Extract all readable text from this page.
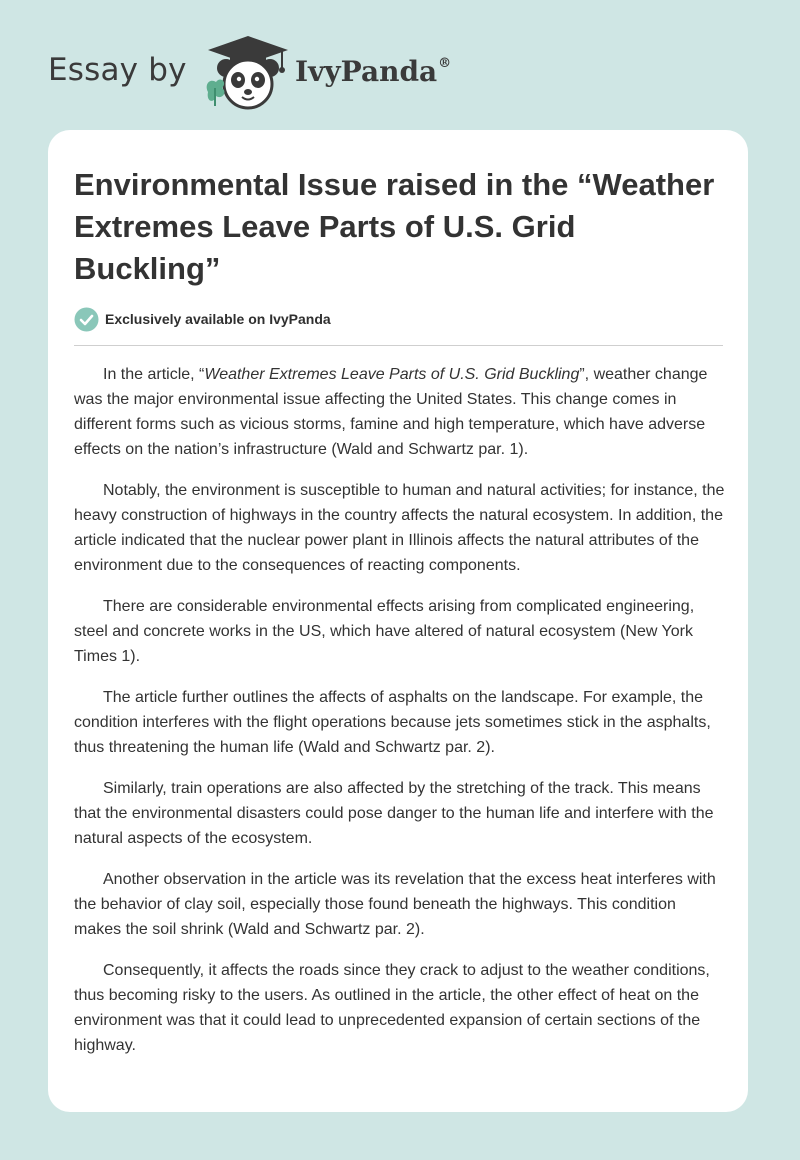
Essay by	IvyPanda®
Environmental Issue raised in the “Weather Extremes Leave Parts of U.S. Grid Buckling”
Exclusively available on IvyPanda

In the article, “Weather Extremes Leave Parts of U.S. Grid Buckling”, weather change was the major environmental issue affecting the United States. This change comes in different forms such as vicious storms, famine and high temperature, which have adverse effects on the nation’s infrastructure (Wald and Schwartz par. 1).

Notably, the environment is susceptible to human and natural activities; for instance, the heavy construction of highways in the country affects the natural ecosystem. In addition, the article indicated that the nuclear power plant in Illinois affects the natural attributes of the environment due to the consequences of reacting components.

There are considerable environmental effects arising from complicated engineering, steel and concrete works in the US, which have altered of natural ecosystem (New York Times 1).

The article further outlines the affects of asphalts on the landscape. For example, the condition interferes with the flight operations because jets sometimes stick in the asphalts, thus threatening the human life (Wald and Schwartz par. 2).

Similarly, train operations are also affected by the stretching of the track. This means that the environmental disasters could pose danger to the human life and interfere with the natural aspects of the ecosystem.

Another observation in the article was its revelation that the excess heat interferes with the behavior of clay soil, especially those found beneath the highways. This condition makes the soil shrink (Wald and Schwartz par. 2).

Consequently, it affects the roads since they crack to adjust to the weather conditions, thus becoming risky to the users. As outlined in the article, the other effect of heat on the environment was that it could lead to unprecedented expansion of certain sections of the highway.
